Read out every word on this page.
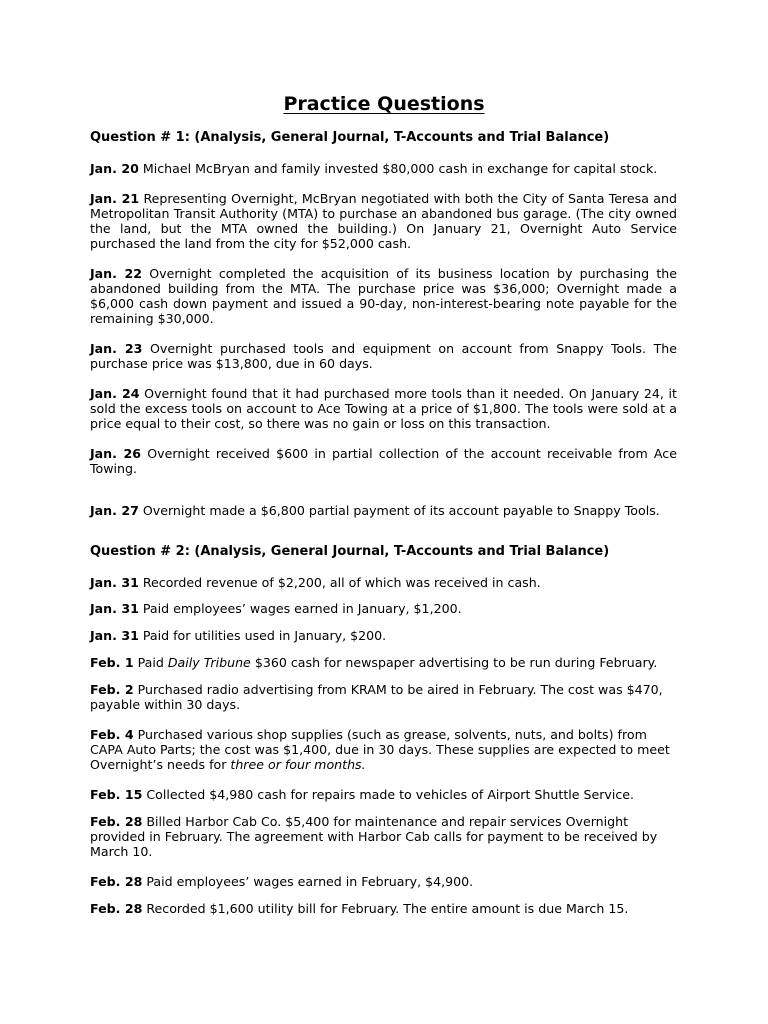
Practice Questions
Question # 1: (Analysis, General Journal, T-Accounts and Trial Balance)
Jan. 20 Michael McBryan and family invested $80,000 cash in exchange for capital stock.
Jan. 21 Representing Overnight, McBryan negotiated with both the City of Santa Teresa and Metropolitan Transit Authority (MTA) to purchase an abandoned bus garage. (The city owned the land, but the MTA owned the building.) On January 21, Overnight Auto Service purchased the land from the city for $52,000 cash.
Jan. 22 Overnight completed the acquisition of its business location by purchasing the abandoned building from the MTA. The purchase price was $36,000; Overnight made a $6,000 cash down payment and issued a 90-day, non-interest-bearing note payable for the remaining $30,000.
Jan. 23 Overnight purchased tools and equipment on account from Snappy Tools. The purchase price was $13,800, due in 60 days.
Jan. 24 Overnight found that it had purchased more tools than it needed. On January 24, it sold the excess tools on account to Ace Towing at a price of $1,800. The tools were sold at a price equal to their cost, so there was no gain or loss on this transaction.
Jan. 26 Overnight received $600 in partial collection of the account receivable from Ace Towing.
Jan. 27 Overnight made a $6,800 partial payment of its account payable to Snappy Tools.
Question # 2: (Analysis, General Journal, T-Accounts and Trial Balance)
Jan. 31 Recorded revenue of $2,200, all of which was received in cash.
Jan. 31 Paid employees’ wages earned in January, $1,200.
Jan. 31 Paid for utilities used in January, $200.
Feb. 1 Paid Daily Tribune $360 cash for newspaper advertising to be run during February.
Feb. 2 Purchased radio advertising from KRAM to be aired in February. The cost was $470, payable within 30 days.
Feb. 4 Purchased various shop supplies (such as grease, solvents, nuts, and bolts) from CAPA Auto Parts; the cost was $1,400, due in 30 days. These supplies are expected to meet Overnight’s needs for three or four months.
Feb. 15 Collected $4,980 cash for repairs made to vehicles of Airport Shuttle Service.
Feb. 28 Billed Harbor Cab Co. $5,400 for maintenance and repair services Overnight provided in February. The agreement with Harbor Cab calls for payment to be received by March 10.
Feb. 28 Paid employees’ wages earned in February, $4,900.
Feb. 28 Recorded $1,600 utility bill for February. The entire amount is due March 15.
